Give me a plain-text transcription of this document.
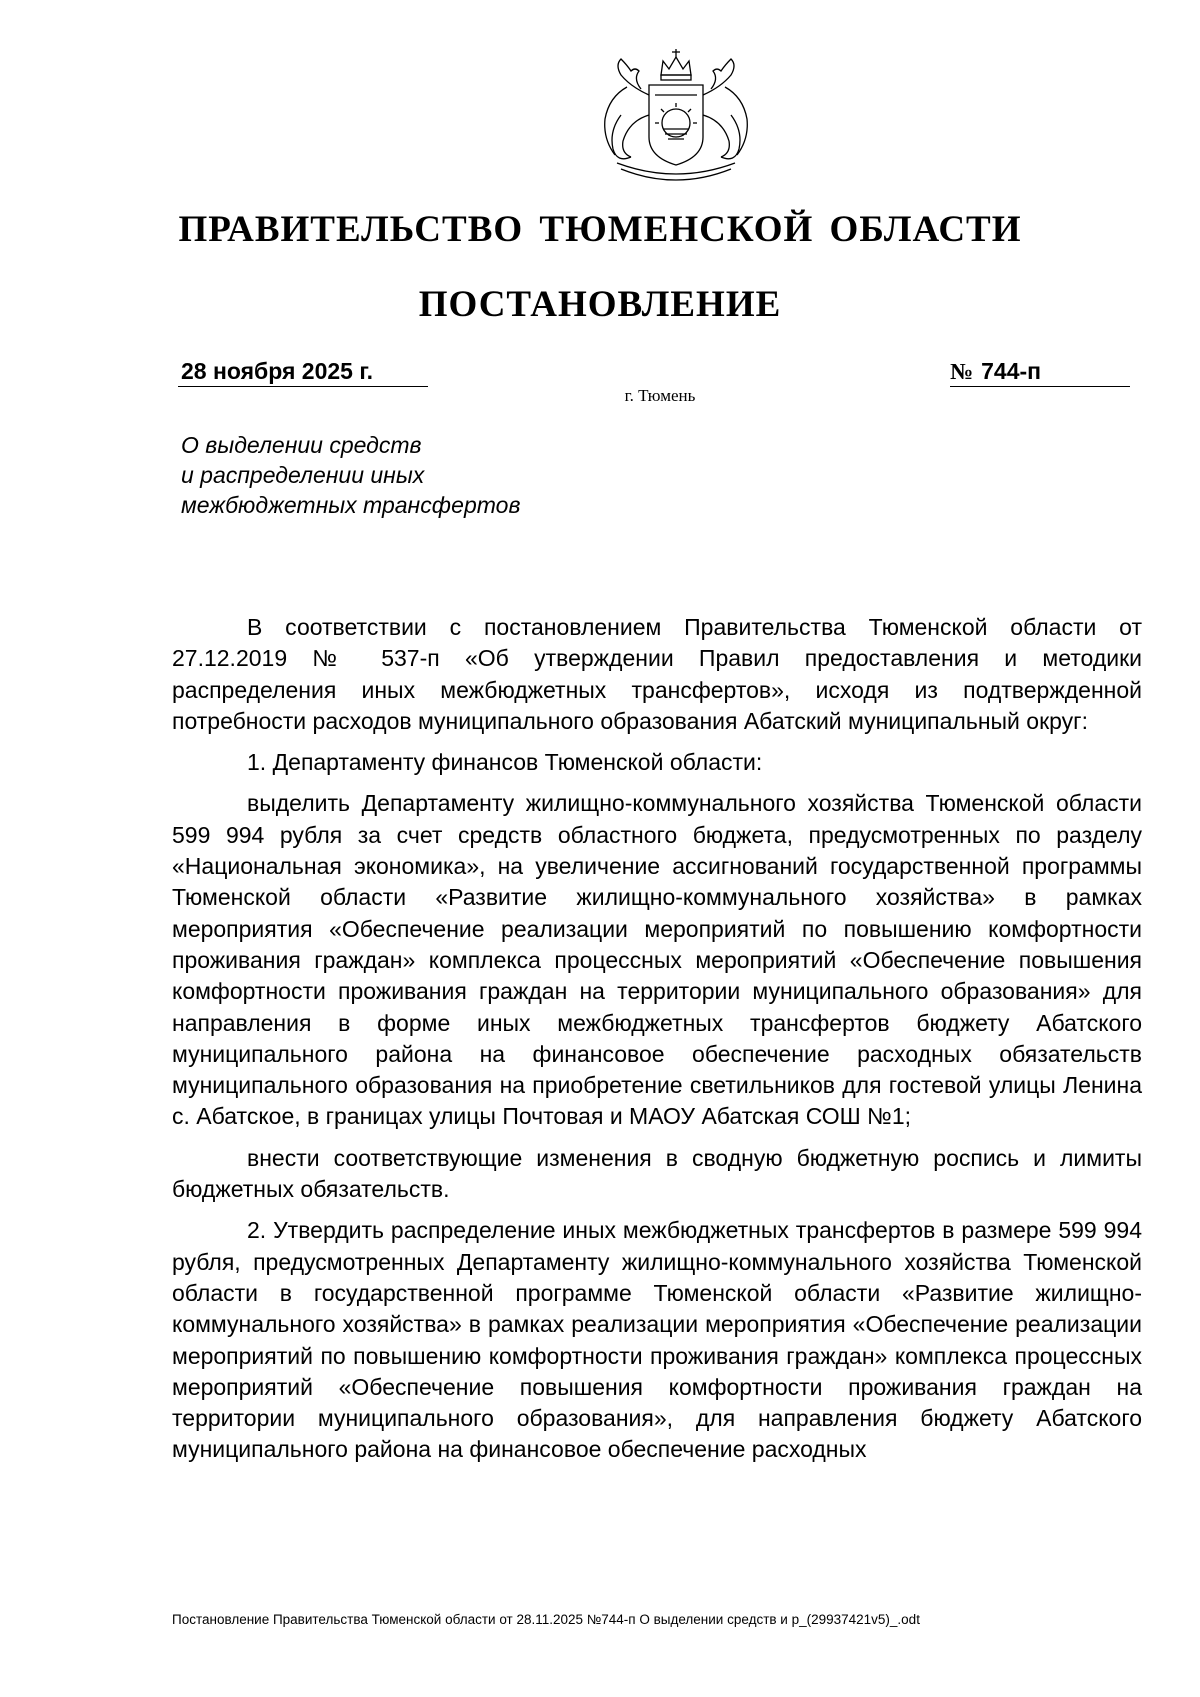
ПРАВИТЕЛЬСТВО ТЮМЕНСКОЙ ОБЛАСТИ
ПОСТАНОВЛЕНИЕ
28 ноября 2025 г.	№ 744-п
г. Тюмень
О выделении средств
и распределении иных
межбюджетных трансфертов

В соответствии с постановлением Правительства Тюменской области от 27.12.2019 № 537-п «Об утверждении Правил предоставления и методики распределения иных межбюджетных трансфертов», исходя из подтвержденной потребности расходов муниципального образования Абатский муниципальный округ:

1. Департаменту финансов Тюменской области:

выделить Департаменту жилищно-коммунального хозяйства Тюменской области 599 994 рубля за счет средств областного бюджета, предусмотренных по разделу «Национальная экономика», на увеличение ассигнований государственной программы Тюменской области «Развитие жилищно-коммунального хозяйства» в рамках мероприятия «Обеспечение реализации мероприятий по повышению комфортности проживания граждан» комплекса процессных мероприятий «Обеспечение повышения комфортности проживания граждан на территории муниципального образования» для направления в форме иных межбюджетных трансфертов бюджету Абатского муниципального района на финансовое обеспечение расходных обязательств муниципального образования на приобретение светильников для гостевой улицы Ленина с. Абатское, в границах улицы Почтовая и МАОУ Абатская СОШ №1;

внести соответствующие изменения в сводную бюджетную роспись и лимиты бюджетных обязательств.

2. Утвердить распределение иных межбюджетных трансфертов в размере 599 994 рубля, предусмотренных Департаменту жилищно-коммунального хозяйства Тюменской области в государственной программе Тюменской области «Развитие жилищно-коммунального хозяйства» в рамках реализации мероприятия «Обеспечение реализации мероприятий по повышению комфортности проживания граждан» комплекса процессных мероприятий «Обеспечение повышения комфортности проживания граждан на территории муниципального образования», для направления бюджету Абатского муниципального района на финансовое обеспечение расходных

Постановление Правительства Тюменской области от 28.11.2025 №744-п О выделении средств и р_(29937421v5)_.odt
